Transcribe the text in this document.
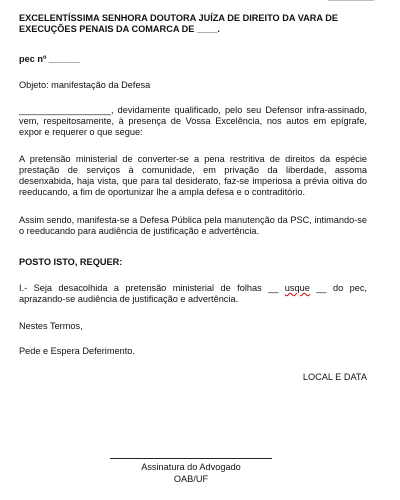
EXCELENTÍSSIMA SENHORA DOUTORA JUÍZA DE DIREITO DA VARA DE
EXECUÇÕES PENAIS DA COMARCA DE ____.
pec nº ______
Objeto: manifestação da Defesa
__________________, devidamente qualificado, pelo seu Defensor infra-assinado, vem, respeitosamente, à presença de Vossa Excelência, nos autos em epígrafe, expor e requerer o que segue:
A pretensão ministerial de converter-se a pena restritiva de direitos da espécie prestação de serviços à comunidade, em privação da liberdade, assoma desenxabida, haja vista, que para tal desiderato, faz-se imperiosa a prévia oitiva do reeducando, a fim de oportunizar lhe a ampla defesa e o contraditório.
Assim sendo, manifesta-se a Defesa Pública pela manutenção da PSC, intimando-se o reeducando para audiência de justificação e advertência.
POSTO ISTO, REQUER:
I.- Seja desacolhida a pretensão ministerial de folhas __ usque __ do pec, aprazando-se audiência de justificação e advertência.
Nestes Termos,
Pede e Espera Deferimento.
LOCAL E DATA
Assinatura do Advogado
OAB/UF
